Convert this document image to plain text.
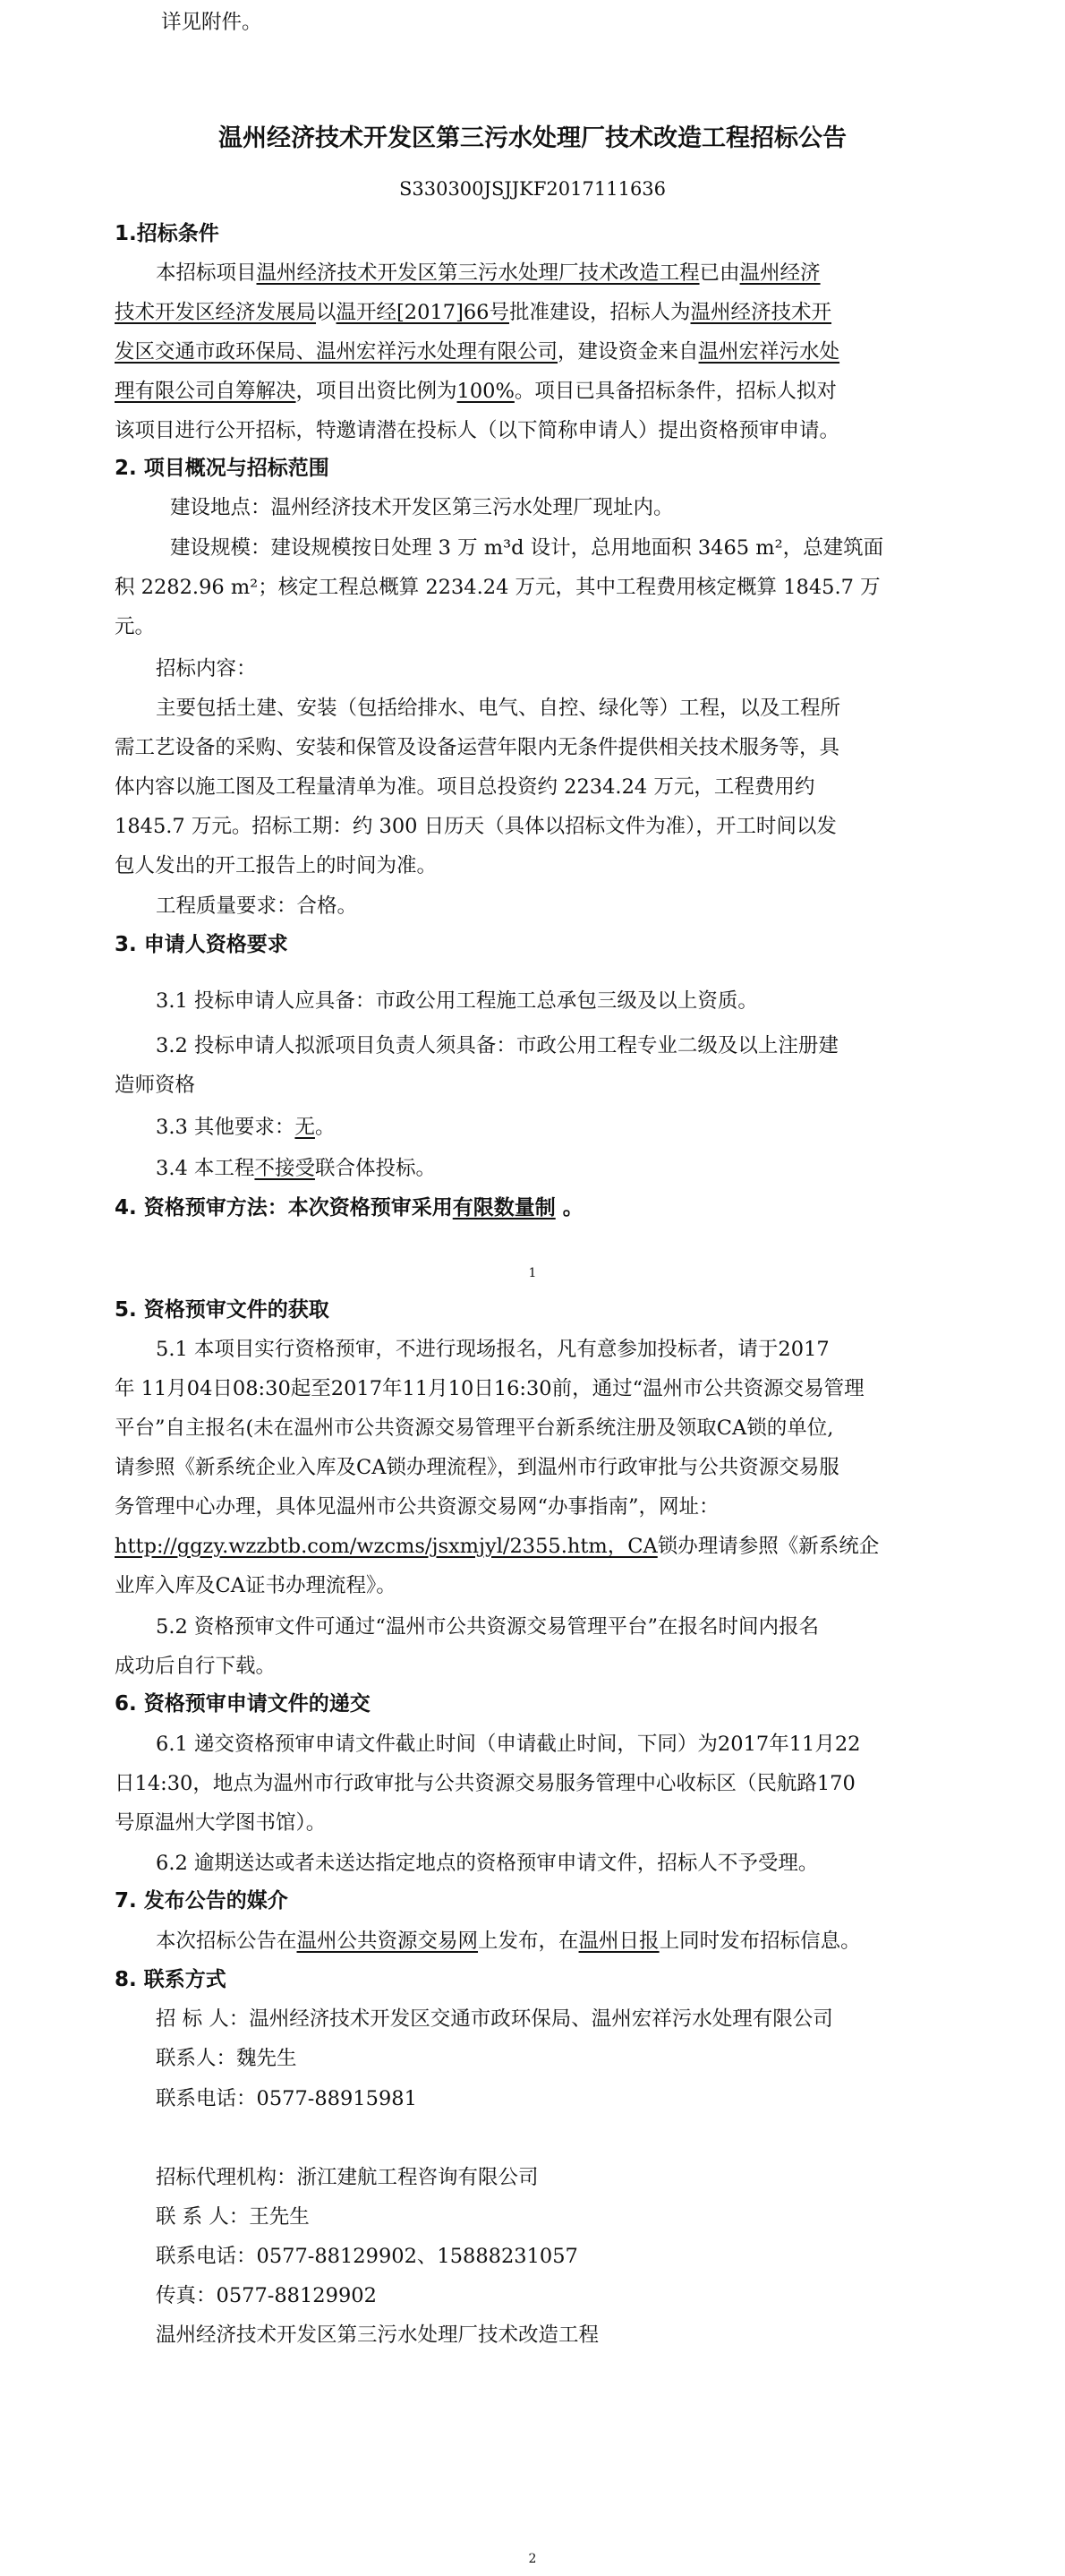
详见附件。
温州经济技术开发区第三污水处理厂技术改造工程招标公告
S330300JSJJKF2017111636
1.招标条件
本招标项目温州经济技术开发区第三污水处理厂技术改造工程已由温州经济
技术开发区经济发展局以温开经[2017]66号批准建设，招标人为温州经济技术开
发区交通市政环保局、温州宏祥污水处理有限公司，建设资金来自温州宏祥污水处
理有限公司自筹解决，项目出资比例为100%。项目已具备招标条件，招标人拟对
该项目进行公开招标，特邀请潜在投标人（以下简称申请人）提出资格预审申请。
2. 项目概况与招标范围
建设地点：温州经济技术开发区第三污水处理厂现址内。
建设规模：建设规模按日处理 3 万 m³d 设计，总用地面积 3465 m²，总建筑面
积 2282.96 m²；核定工程总概算 2234.24 万元，其中工程费用核定概算 1845.7 万
元。
招标内容：
主要包括土建、安装（包括给排水、电气、自控、绿化等）工程，以及工程所
需工艺设备的采购、安装和保管及设备运营年限内无条件提供相关技术服务等，具
体内容以施工图及工程量清单为准。项目总投资约 2234.24 万元，工程费用约
1845.7 万元。招标工期：约 300 日历天（具体以招标文件为准），开工时间以发
包人发出的开工报告上的时间为准。
工程质量要求：合格。
3. 申请人资格要求
3.1 投标申请人应具备：市政公用工程施工总承包三级及以上资质。
3.2 投标申请人拟派项目负责人须具备：市政公用工程专业二级及以上注册建
造师资格
3.3 其他要求：无。
3.4 本工程不接受联合体投标。
4. 资格预审方法：本次资格预审采用有限数量制 。
1
5. 资格预审文件的获取
5.1 本项目实行资格预审，不进行现场报名，凡有意参加投标者，请于2017
年 11月04日08:30起至2017年11月10日16:30前，通过“温州市公共资源交易管理
平台”自主报名(未在温州市公共资源交易管理平台新系统注册及领取CA锁的单位,
请参照《新系统企业入库及CA锁办理流程》，到温州市行政审批与公共资源交易服
务管理中心办理，具体见温州市公共资源交易网“办事指南”，网址：
http://ggzy.wzzbtb.com/wzcms/jsxmjyl/2355.htm，CA锁办理请参照《新系统企
业库入库及CA证书办理流程》。
5.2 资格预审文件可通过“温州市公共资源交易管理平台”在报名时间内报名
成功后自行下载。
6. 资格预审申请文件的递交
6.1 递交资格预审申请文件截止时间（申请截止时间，下同）为2017年11月22
日14:30，地点为温州市行政审批与公共资源交易服务管理中心收标区（民航路170
号原温州大学图书馆）。
6.2 逾期送达或者未送达指定地点的资格预审申请文件，招标人不予受理。
7. 发布公告的媒介
本次招标公告在温州公共资源交易网上发布，在温州日报上同时发布招标信息。
8. 联系方式
招 标 人：温州经济技术开发区交通市政环保局、温州宏祥污水处理有限公司
联系人：魏先生
联系电话：0577-88915981
招标代理机构：浙江建航工程咨询有限公司
联 系 人：王先生
联系电话：0577-88129902、15888231057
传真：0577-88129902
温州经济技术开发区第三污水处理厂技术改造工程
2
